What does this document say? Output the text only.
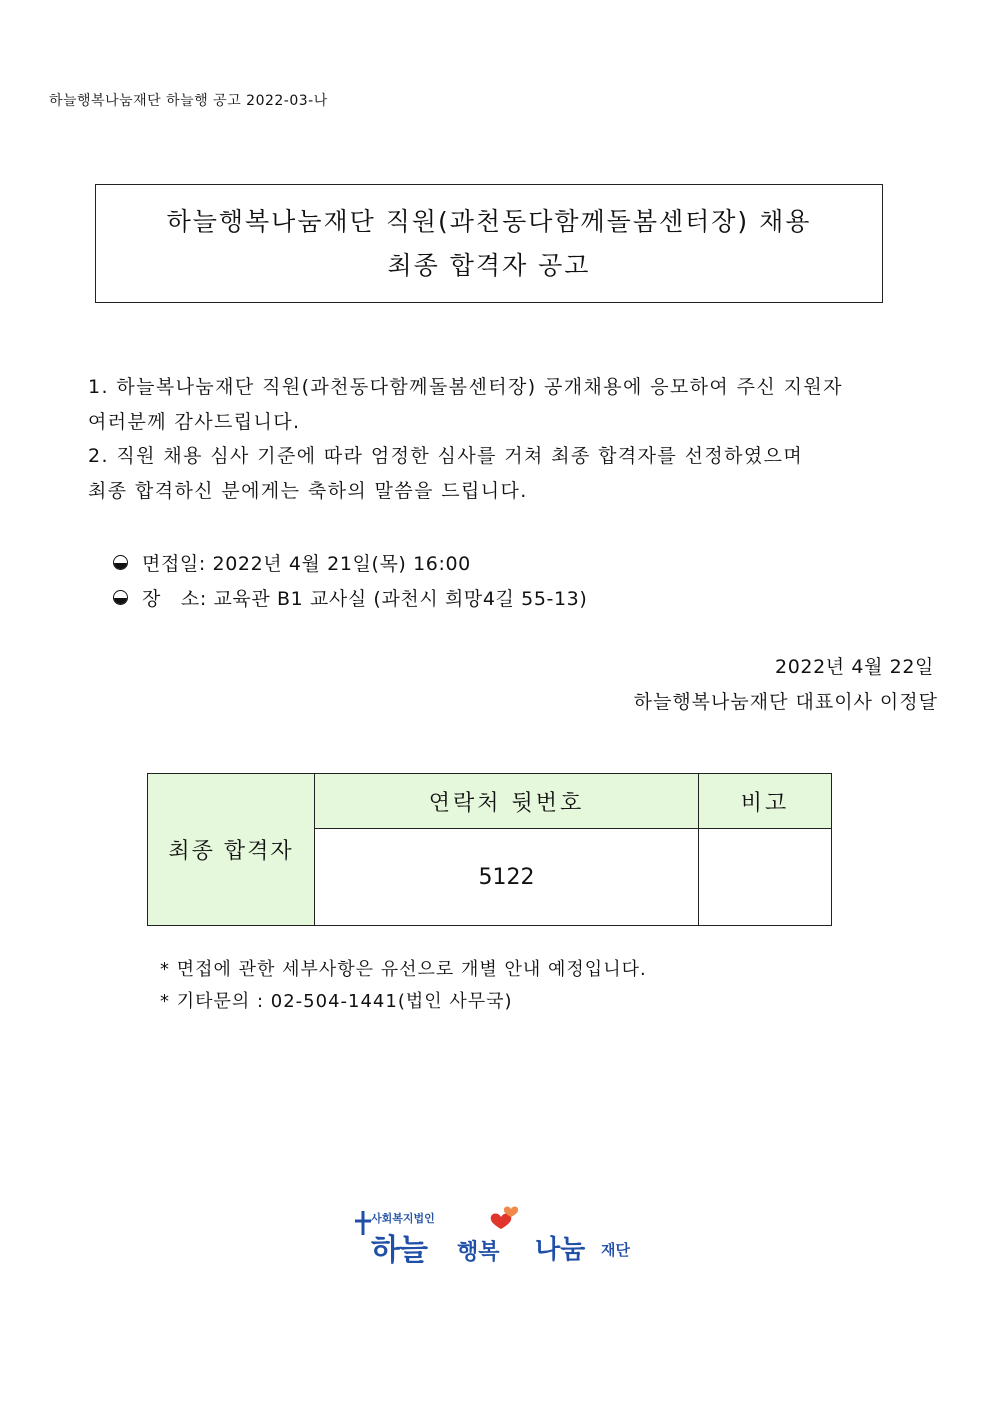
하늘행복나눔재단 하늘행 공고 2022-03-나
하늘행복나눔재단 직원(과천동다함께돌봄센터장) 채용
최종 합격자 공고
1. 하늘복나눔재단 직원(과천동다함께돌봄센터장) 공개채용에 응모하여 주신 지원자
여러분께 감사드립니다.
2. 직원 채용 심사 기준에 따라 엄정한 심사를 거쳐 최종 합격자를 선정하였으며
최종 합격하신 분에게는 축하의 말씀을 드립니다.
면접일: 2022년 4월 21일(목) 16:00
장   소: 교육관 B1 교사실 (과천시 희망4길 55-13)
2022년 4월 22일
하늘행복나눔재단 대표이사 이정달
최종 합격자	연락처 뒷번호	비고
	5122	
* 면접에 관한 세부사항은 유선으로 개별 안내 예정입니다.
* 기타문의 : 02-504-1441(법인 사무국)
사회복지법인
하늘 행복 나눔 재단
